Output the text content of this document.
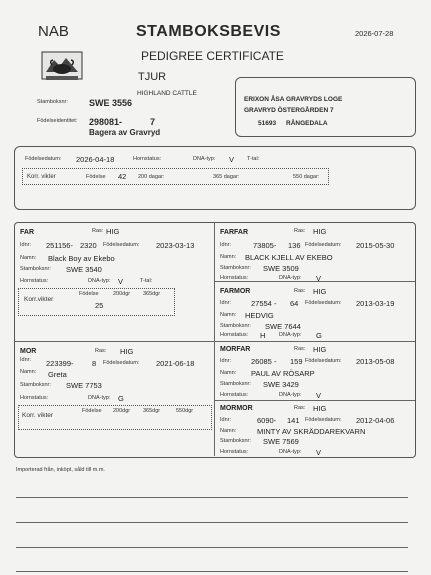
NAB	STAMBOKSBEVIS	2026-07-28
PEDIGREE CERTIFICATE
TJUR
HIGHLAND CATTLE
Stamboksnr: SWE 3556
Födelseidentitet: 298081-	7
Bagera av Gravryd
ERIXON ÅSA GRAVRYDS LOGE
GRAVRYD ÖSTERGÅRDEN 7
51693 RÅNGEDALA
Födelsedatum: 2026-04-18	Hornstatus:	DNA-typ: V T-tal:
Korr. vikter	Födelse 42 200 dagar:	365 dagar:	550 dagar:
FAR	Ras: HIG
Idnr: 251156- 2320 Födelsedatum: 2023-03-13
Namn: Black Boy av Ekebo
Stamboksnr: SWE 3540
Hornstatus:	DNA-typ: V	T-tal:
Korr.vikter
Födelse	200dgr 365dgr
25
FARFAR	Ras: HIG
Idnr:	73805- 136 Födelsedatum: 2015-05-30
Namn: BLACK KJELL AV EKEBO
Stamboksnr: SWE 3509
Hornstatus:	DNA-typ: V
FARMOR	Ras: HIG
Idnr:	27554 - 64 Födelsedatum: 2013-03-19
Namn: HEDVIG
Stamboksnr: SWE 7644
Hornstatus: H DNA-typ: G
MOR	Ras: HIG
Idnr: 223399- 8 Födelsedatum: 2021-06-18
Namn: Greta
Stamboksnr: SWE 7753
Hornstatus:	DNA-typ: G
Korr. vikter
Födelse 200dgr 365dgr	550dgr
MORFAR	Ras: HIG
Idnr:	26085 - 159 Födelsedatum: 2013-05-08
Namn: PAUL AV RÖSARP
Stamboksnr: SWE 3429
Hornstatus:	DNA-typ: V
MORMOR	Ras: HIG
Idnr:	6090- 141 Födelsedatum: 2012-04-06
Namn:	MINTY AV SKRÄDDAREKVARN
Stamboksnr: SWE 7569
Hornstatus:	DNA-typ: V
Importerad från, inköpt, såld till m.m.
